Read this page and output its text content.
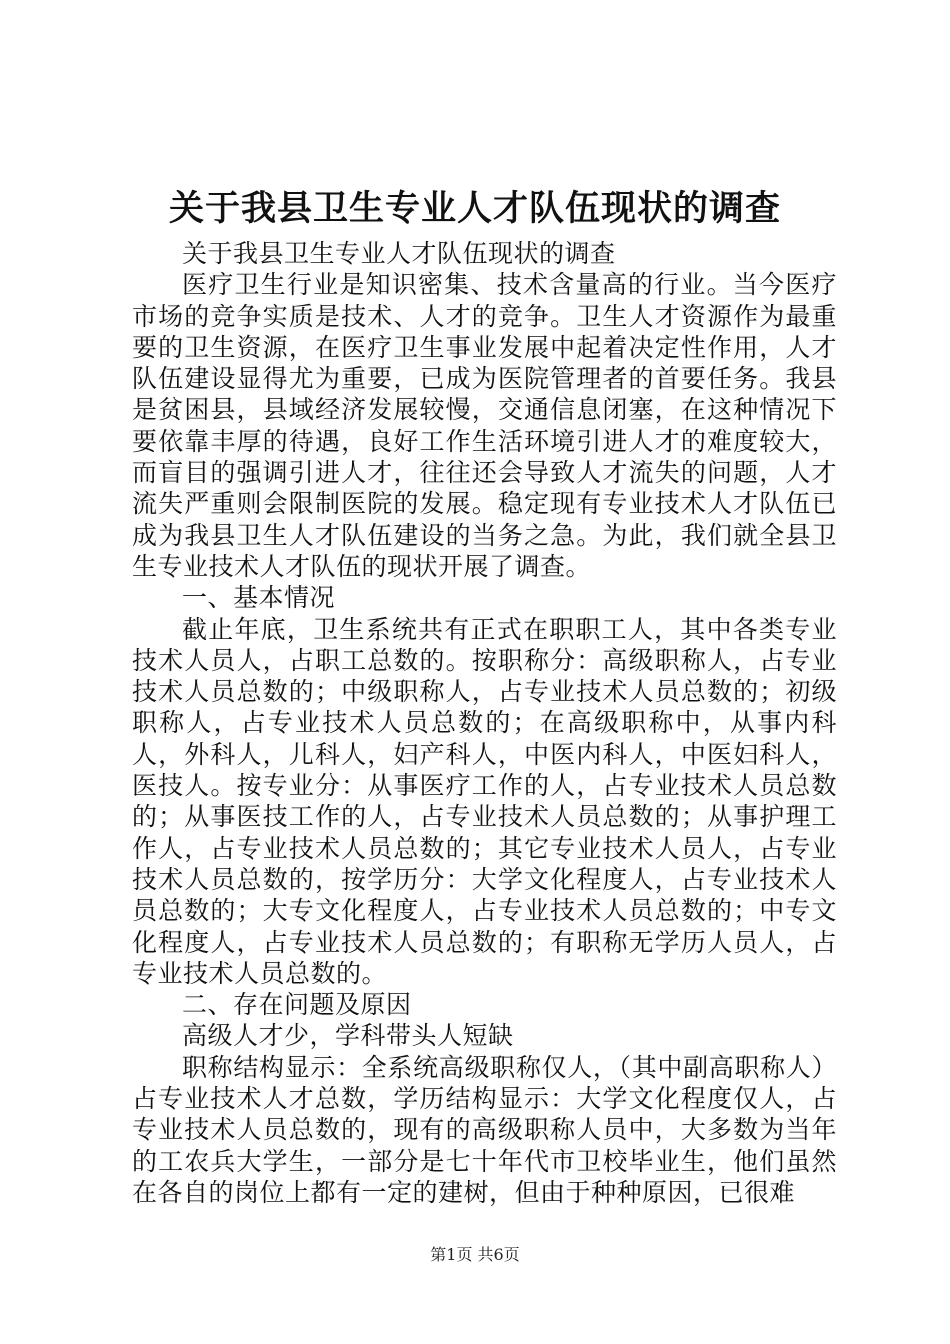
关于我县卫生专业人才队伍现状的调查

关于我县卫生专业人才队伍现状的调查

医疗卫生行业是知识密集、技术含量高的行业。当今医疗市场的竞争实质是技术、人才的竞争。卫生人才资源作为最重要的卫生资源，在医疗卫生事业发展中起着决定性作用，人才队伍建设显得尤为重要，已成为医院管理者的首要任务。我县是贫困县，县域经济发展较慢，交通信息闭塞，在这种情况下要依靠丰厚的待遇，良好工作生活环境引进人才的难度较大，而盲目的强调引进人才，往往还会导致人才流失的问题，人才流失严重则会限制医院的发展。稳定现有专业技术人才队伍已成为我县卫生人才队伍建设的当务之急。为此，我们就全县卫生专业技术人才队伍的现状开展了调查。

一、基本情况

截止年底，卫生系统共有正式在职职工人，其中各类专业技术人员人，占职工总数的。按职称分：高级职称人，占专业技术人员总数的；中级职称人，占专业技术人员总数的；初级职称人，占专业技术人员总数的；在高级职称中，从事内科人，外科人，儿科人，妇产科人，中医内科人，中医妇科人，医技人。按专业分：从事医疗工作的人，占专业技术人员总数的；从事医技工作的人，占专业技术人员总数的；从事护理工作人，占专业技术人员总数的；其它专业技术人员人，占专业技术人员总数的，按学历分：大学文化程度人，占专业技术人员总数的；大专文化程度人，占专业技术人员总数的；中专文化程度人，占专业技术人员总数的；有职称无学历人员人，占专业技术人员总数的。

二、存在问题及原因

高级人才少，学科带头人短缺

职称结构显示：全系统高级职称仅人，（其中副高职称人）占专业技术人才总数，学历结构显示：大学文化程度仅人，占专业技术人员总数的，现有的高级职称人员中，大多数为当年的工农兵大学生，一部分是七十年代市卫校毕业生，他们虽然在各自的岗位上都有一定的建树，但由于种种原因，已很难

第1页 共6页
